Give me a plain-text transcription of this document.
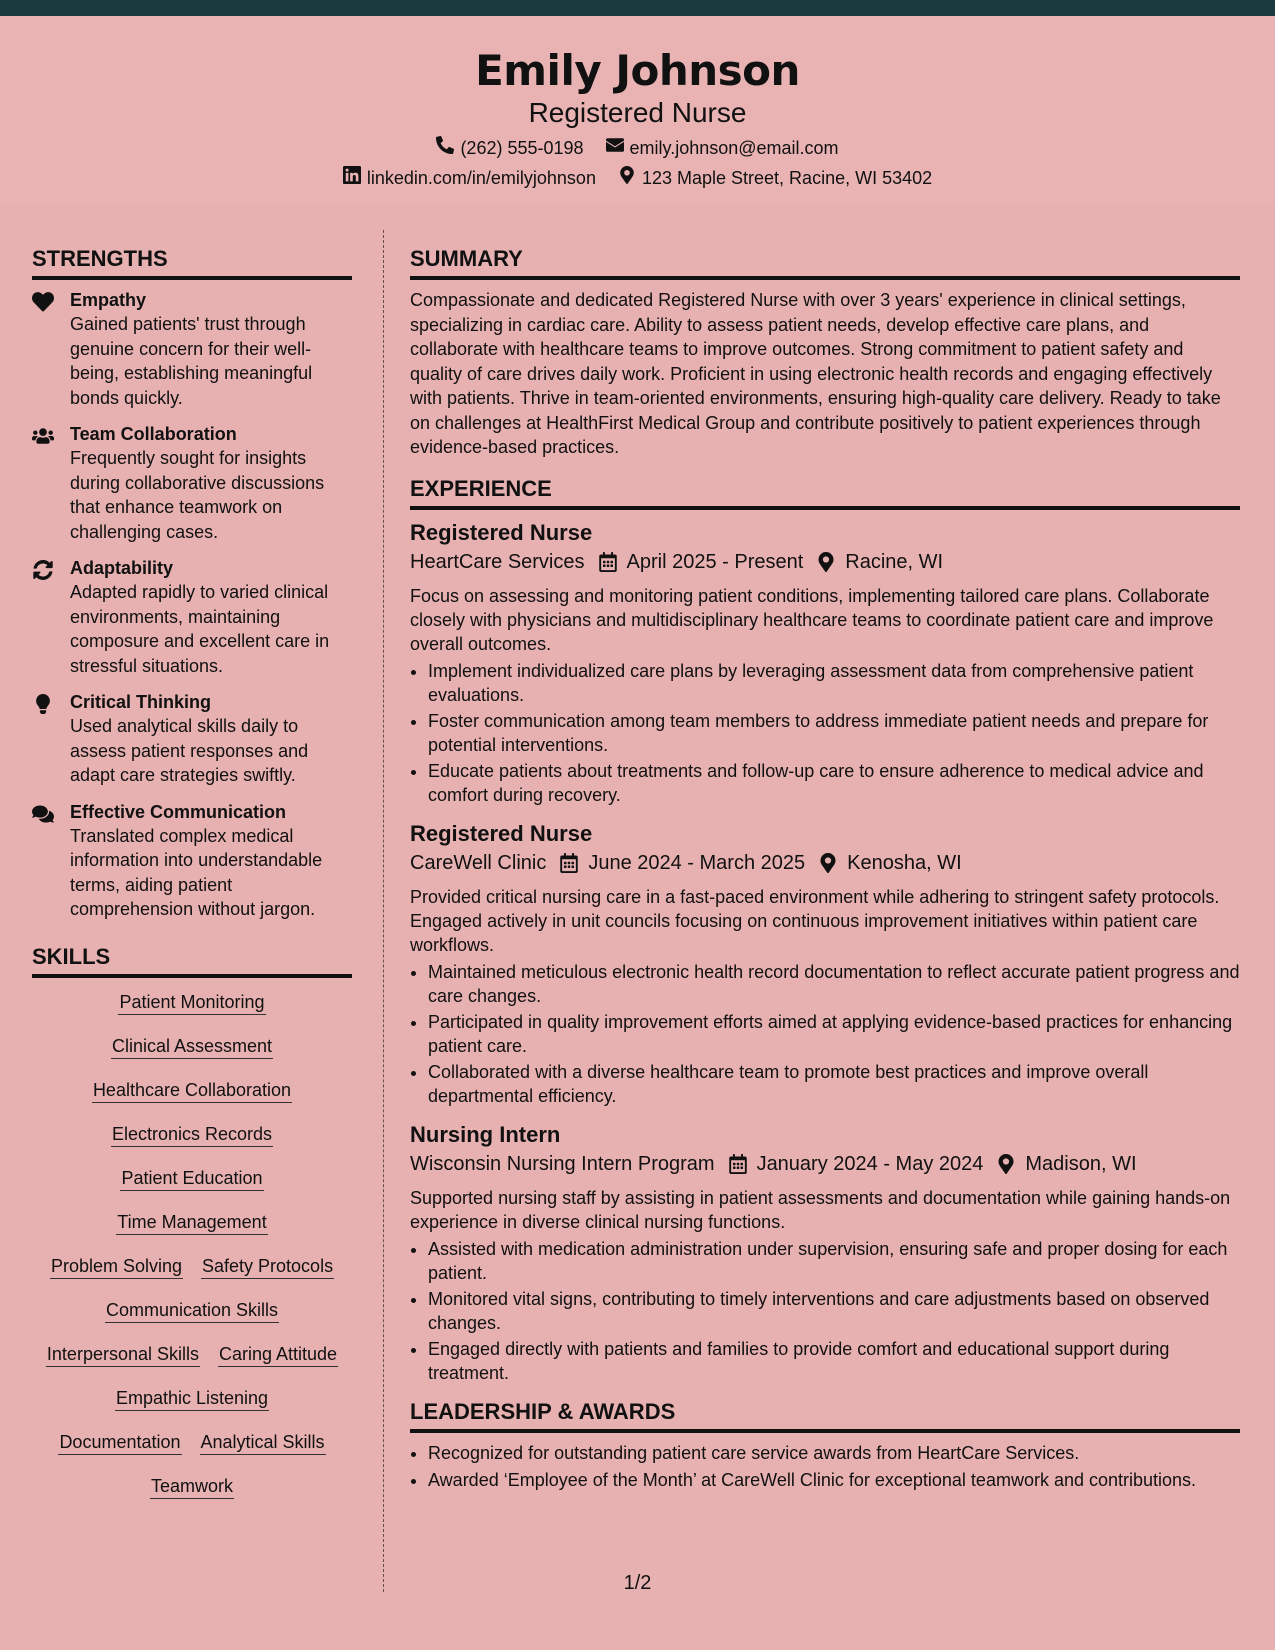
Emily Johnson
Registered Nurse
(262) 555-0198	emily.johnson@email.com
linkedin.com/in/emilyjohnson	123 Maple Street, Racine, WI 53402
STRENGTHS
Empathy
Gained patients' trust through genuine concern for their well-being, establishing meaningful bonds quickly.
Team Collaboration
Frequently sought for insights during collaborative discussions that enhance teamwork on challenging cases.
Adaptability
Adapted rapidly to varied clinical environments, maintaining composure and excellent care in stressful situations.
Critical Thinking
Used analytical skills daily to assess patient responses and adapt care strategies swiftly.
Effective Communication
Translated complex medical information into understandable terms, aiding patient comprehension without jargon.
SKILLS
Patient Monitoring
Clinical Assessment
Healthcare Collaboration
Electronics Records
Patient Education
Time Management
Problem Solving Safety Protocols
Communication Skills
Interpersonal Skills Caring Attitude
Empathic Listening
Documentation Analytical Skills
Teamwork
SUMMARY
Compassionate and dedicated Registered Nurse with over 3 years' experience in clinical settings, specializing in cardiac care. Ability to assess patient needs, develop effective care plans, and collaborate with healthcare teams to improve outcomes. Strong commitment to patient safety and quality of care drives daily work. Proficient in using electronic health records and engaging effectively with patients. Thrive in team-oriented environments, ensuring high-quality care delivery. Ready to take on challenges at HealthFirst Medical Group and contribute positively to patient experiences through evidence-based practices.
EXPERIENCE
Registered Nurse
HeartCare Services April 2025 - Present Racine, WI
Focus on assessing and monitoring patient conditions, implementing tailored care plans. Collaborate closely with physicians and multidisciplinary healthcare teams to coordinate patient care and improve overall outcomes.
• Implement individualized care plans by leveraging assessment data from comprehensive patient evaluations.
• Foster communication among team members to address immediate patient needs and prepare for potential interventions.
• Educate patients about treatments and follow-up care to ensure adherence to medical advice and comfort during recovery.
Registered Nurse
CareWell Clinic June 2024 - March 2025 Kenosha, WI
Provided critical nursing care in a fast-paced environment while adhering to stringent safety protocols. Engaged actively in unit councils focusing on continuous improvement initiatives within patient care workflows.
• Maintained meticulous electronic health record documentation to reflect accurate patient progress and care changes.
• Participated in quality improvement efforts aimed at applying evidence-based practices for enhancing patient care.
• Collaborated with a diverse healthcare team to promote best practices and improve overall departmental efficiency.
Nursing Intern
Wisconsin Nursing Intern Program January 2024 - May 2024 Madison, WI
Supported nursing staff by assisting in patient assessments and documentation while gaining hands-on experience in diverse clinical nursing functions.
• Assisted with medication administration under supervision, ensuring safe and proper dosing for each patient.
• Monitored vital signs, contributing to timely interventions and care adjustments based on observed changes.
• Engaged directly with patients and families to provide comfort and educational support during treatment.
LEADERSHIP & AWARDS
• Recognized for outstanding patient care service awards from HeartCare Services.
• Awarded ‘Employee of the Month’ at CareWell Clinic for exceptional teamwork and contributions.
1/2
